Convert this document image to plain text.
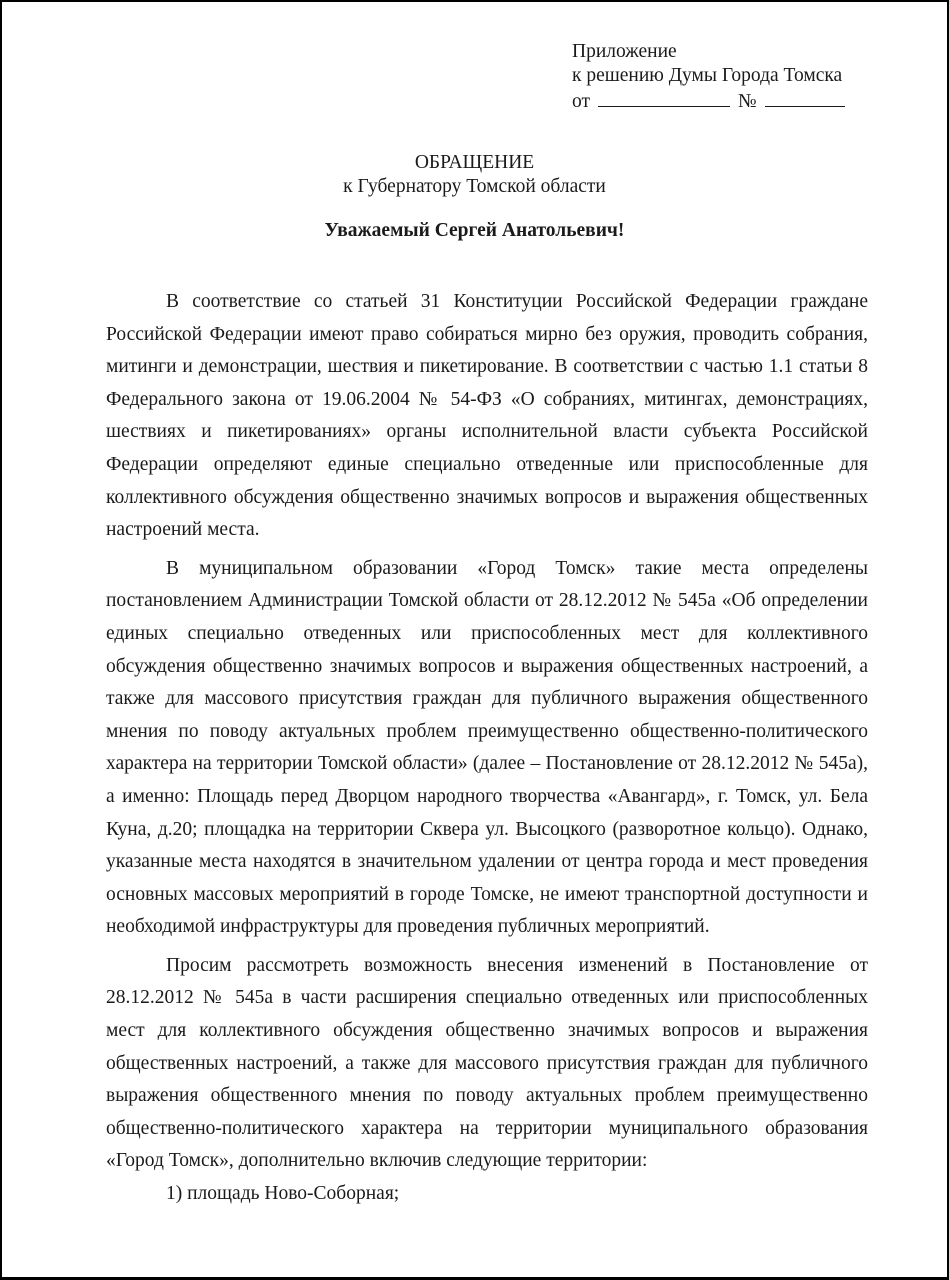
Приложение
к решению Думы Города Томска
от	№
ОБРАЩЕНИЕ
к Губернатору Томской области
Уважаемый Сергей Анатольевич!

В соответствие со статьей 31 Конституции Российской Федерации граждане Российской Федерации имеют право собираться мирно без оружия, проводить собрания, митинги и демонстрации, шествия и пикетирование. В соответствии с частью 1.1 статьи 8 Федерального закона от 19.06.2004 № 54-ФЗ «О собраниях, митингах, демонстрациях, шествиях и пикетированиях» органы исполнительной власти субъекта Российской Федерации определяют единые специально отведенные или приспособленные для коллективного обсуждения общественно значимых вопросов и выражения общественных настроений места.

В муниципальном образовании «Город Томск» такие места определены постановлением Администрации Томской области от 28.12.2012 № 545а «Об определении единых специально отведенных или приспособленных мест для коллективного обсуждения общественно значимых вопросов и выражения общественных настроений, а также для массового присутствия граждан для публичного выражения общественного мнения по поводу актуальных проблем преимущественно общественно-политического характера на территории Томской области» (далее – Постановление от 28.12.2012 № 545а), а именно: Площадь перед Дворцом народного творчества «Авангард», г. Томск, ул. Бела Куна, д.20; площадка на территории Сквера ул. Высоцкого (разворотное кольцо). Однако, указанные места находятся в значительном удалении от центра города и мест проведения основных массовых мероприятий в городе Томске, не имеют транспортной доступности и необходимой инфраструктуры для проведения публичных мероприятий.

Просим рассмотреть возможность внесения изменений в Постановление от 28.12.2012 № 545а в части расширения специально отведенных или приспособленных мест для коллективного обсуждения общественно значимых вопросов и выражения общественных настроений, а также для массового присутствия граждан для публичного выражения общественного мнения по поводу актуальных проблем преимущественно общественно-политического характера на территории муниципального образования «Город Томск», дополнительно включив следующие территории:

1) площадь Ново-Соборная;
